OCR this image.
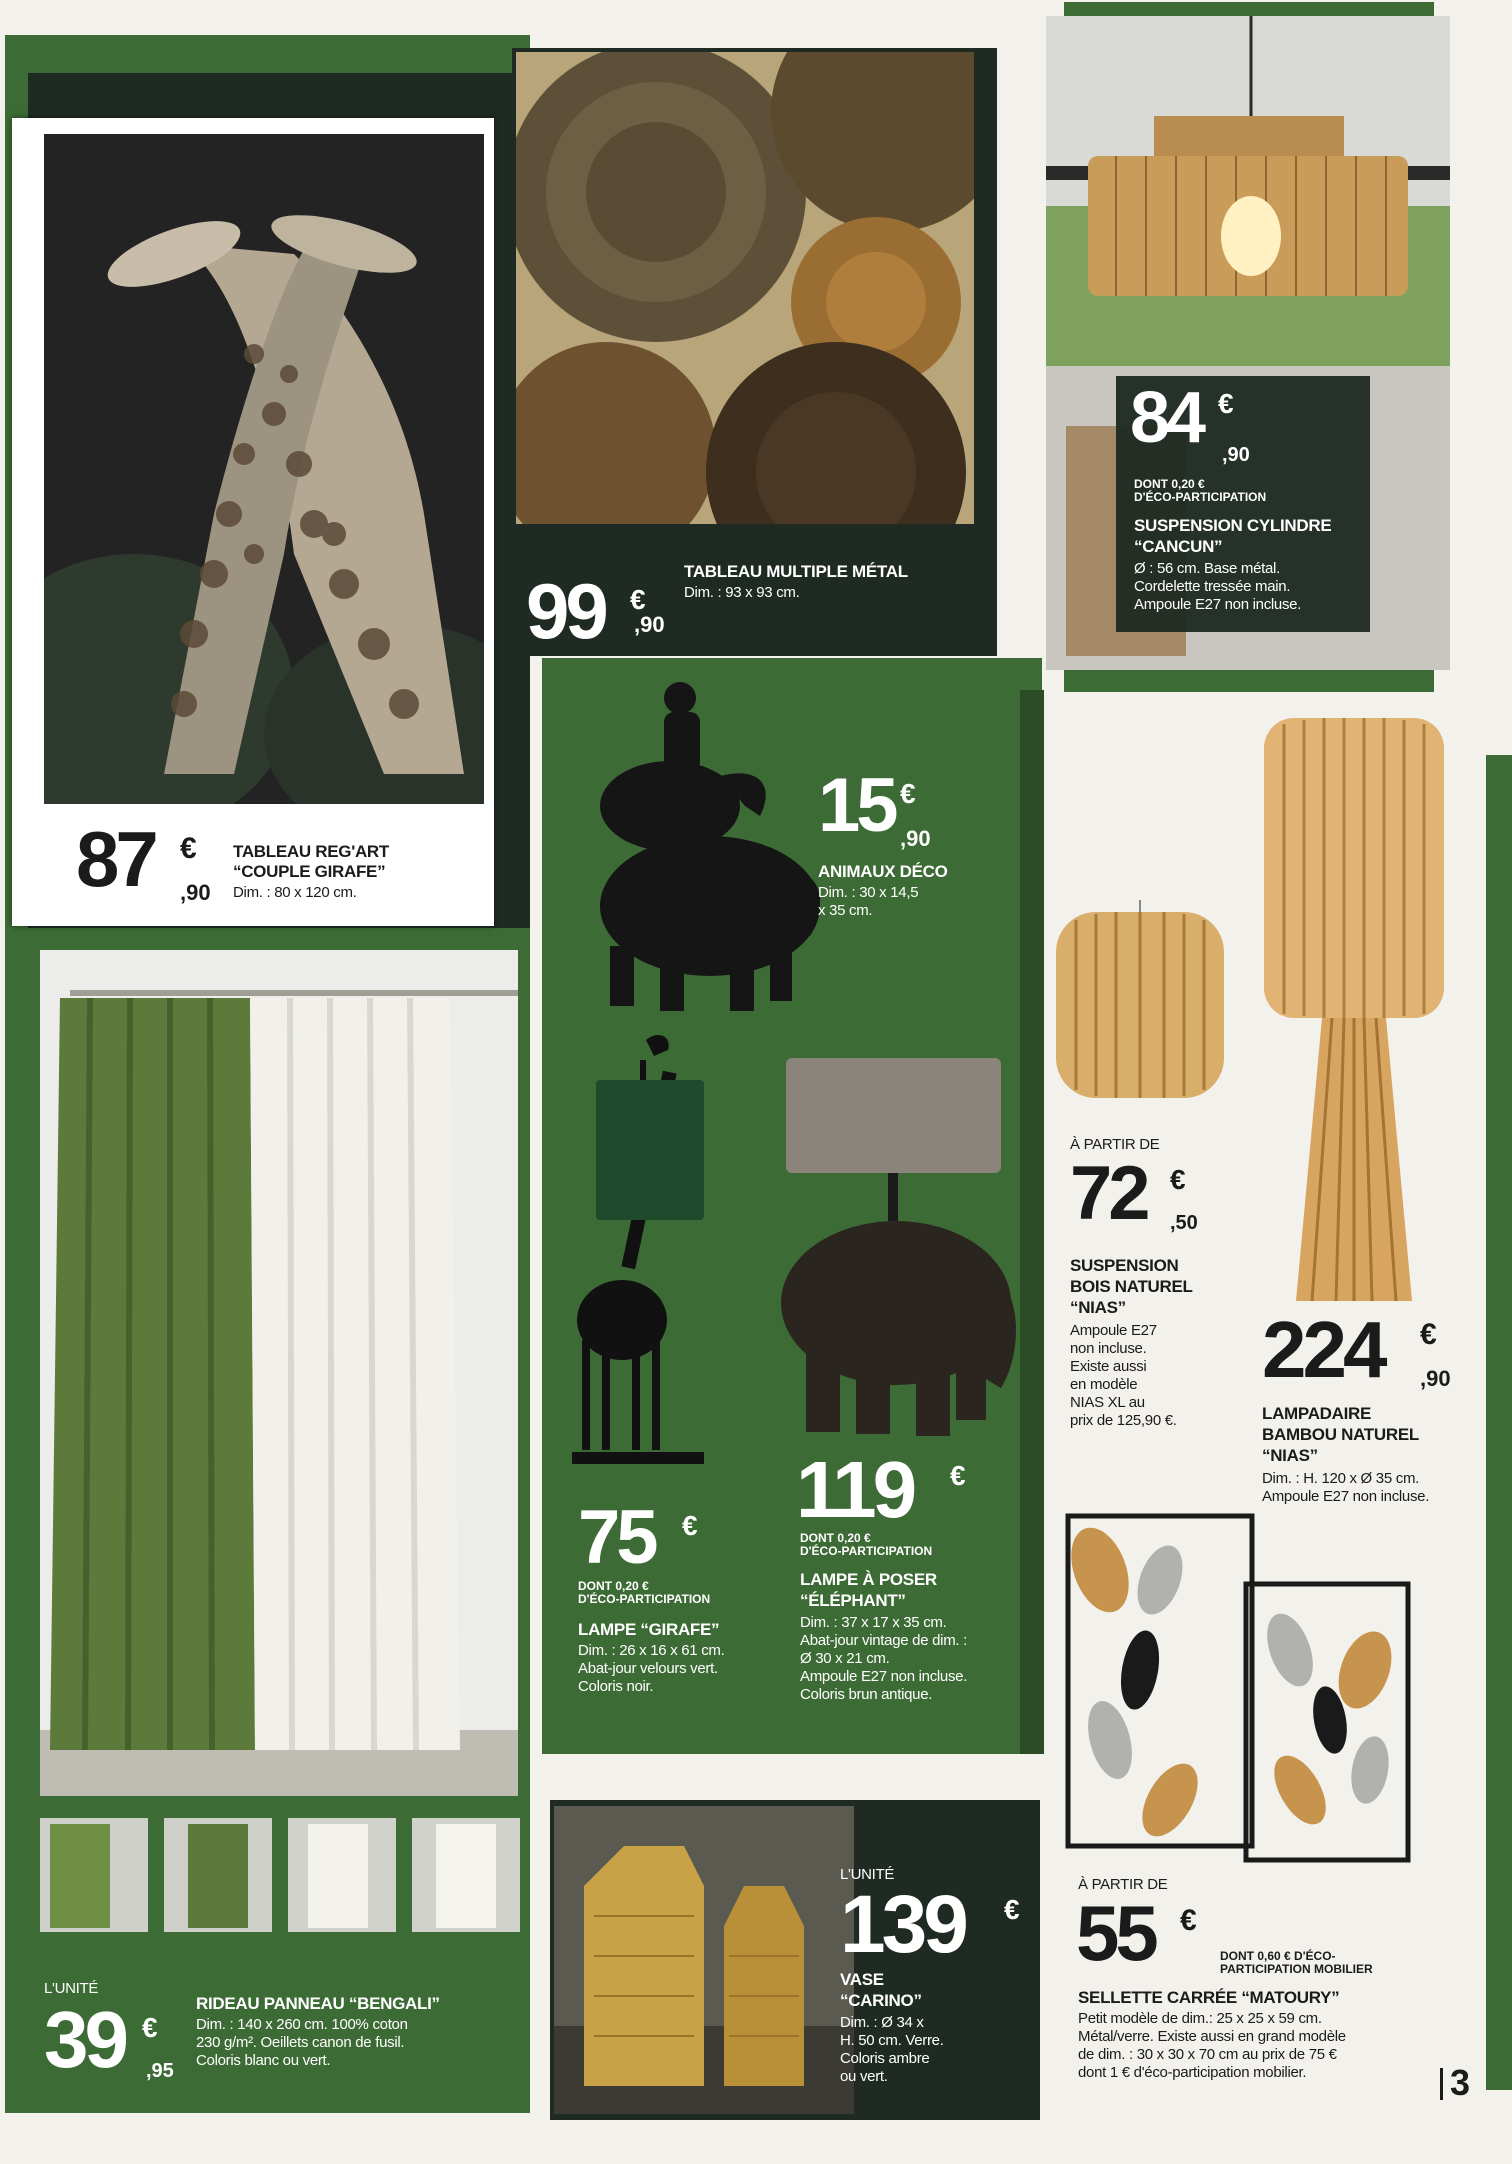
87 €
,90
TABLEAU REG'ART
“COUPLE GIRAFE”
Dim. : 80 x 120 cm.
99 €
,90
TABLEAU MULTIPLE MÉTAL
Dim. : 93 x 93 cm.
84 €
,90
DONT 0,20 €
D'ÉCO-PARTICIPATION
SUSPENSION CYLINDRE
“CANCUN”
Ø : 56 cm. Base métal.
Cordelette tressée main.
Ampoule E27 non incluse.
15 €
,90
ANIMAUX DÉCO
Dim. : 30 x 14,5
x 35 cm.
75 €
DONT 0,20 €
D'ÉCO-PARTICIPATION
LAMPE “GIRAFE”
Dim. : 26 x 16 x 61 cm.
Abat-jour velours vert.
Coloris noir.
119 €
DONT 0,20 €
D'ÉCO-PARTICIPATION
LAMPE À POSER
“ÉLÉPHANT”
Dim. : 37 x 17 x 35 cm.
Abat-jour vintage de dim. :
Ø 30 x 21 cm.
Ampoule E27 non incluse.
Coloris brun antique.
À PARTIR DE
72 €
,50
SUSPENSION
BOIS NATUREL
“NIAS”
Ampoule E27
non incluse.
Existe aussi
en modèle
NIAS XL au
prix de 125,90 €.
224 €
,90
LAMPADAIRE
BAMBOU NATUREL
“NIAS”
Dim. : H. 120 x Ø 35 cm.
Ampoule E27 non incluse.
L'UNITÉ
39 €
,95
RIDEAU PANNEAU “BENGALI”
Dim. : 140 x 260 cm. 100% coton
230 g/m². Oeillets canon de fusil.
Coloris blanc ou vert.
L'UNITÉ
139 €
VASE
“CARINO”
Dim. : Ø 34 x
H. 50 cm. Verre.
Coloris ambre
ou vert.
À PARTIR DE
55 €
DONT 0,60 € D'ÉCO-
PARTICIPATION MOBILIER
SELLETTE CARRÉE “MATOURY”
Petit modèle de dim.: 25 x 25 x 59 cm.
Métal/verre. Existe aussi en grand modèle
de dim. : 30 x 30 x 70 cm au prix de 75 €
dont 1 € d'éco-participation mobilier.	3
